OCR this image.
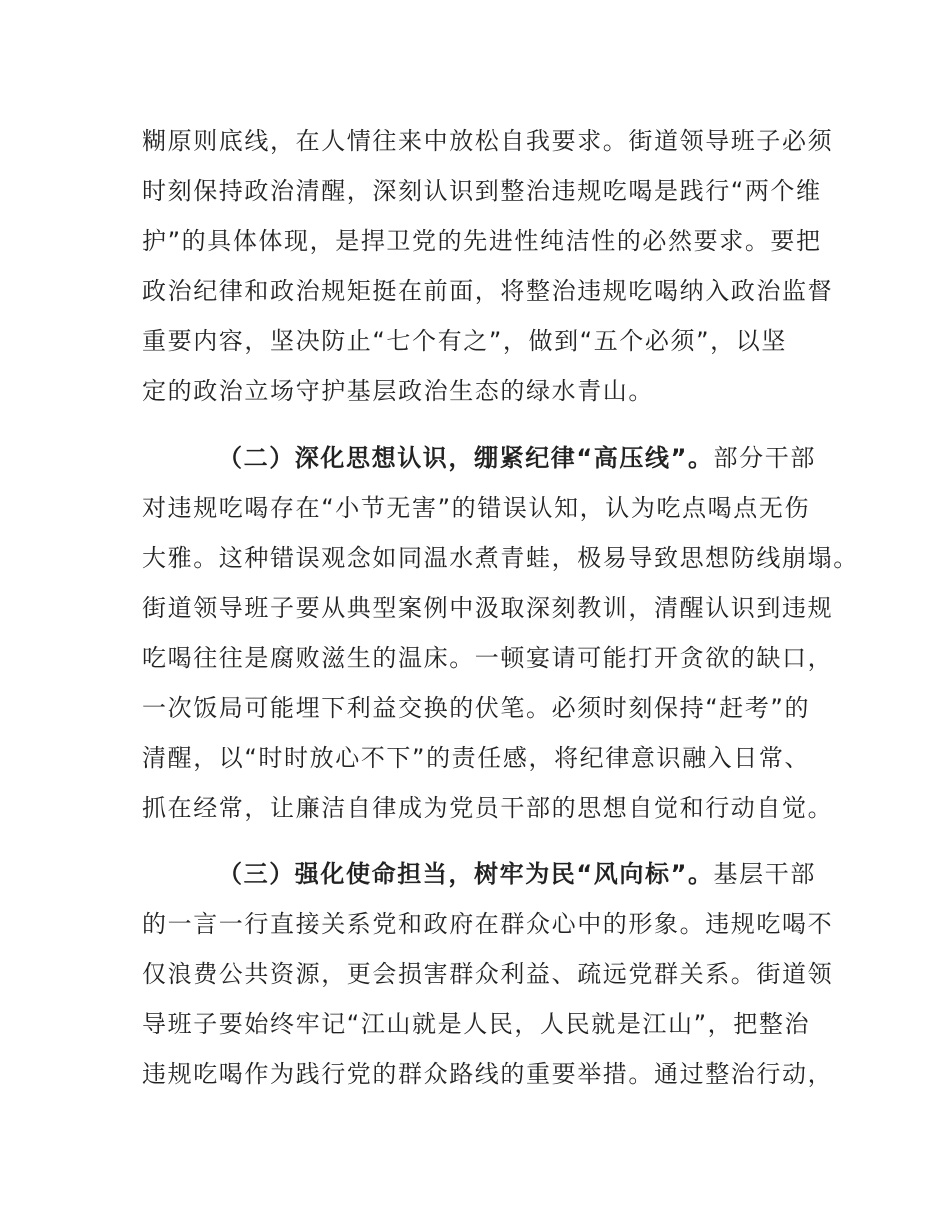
糊原则底线，在人情往来中放松自我要求。街道领导班子必须

时刻保持政治清醒，深刻认识到整治违规吃喝是践行“两个维

护”的具体体现，是捍卫党的先进性纯洁性的必然要求。要把

政治纪律和政治规矩挺在前面，将整治违规吃喝纳入政治监督

重要内容，坚决防止“七个有之”，做到“五个必须”，以坚

定的政治立场守护基层政治生态的绿水青山。

（二）深化思想认识，绷紧纪律“高压线”。部分干部

对违规吃喝存在“小节无害”的错误认知，认为吃点喝点无伤

大雅。这种错误观念如同温水煮青蛙，极易导致思想防线崩塌。

街道领导班子要从典型案例中汲取深刻教训，清醒认识到违规

吃喝往往是腐败滋生的温床。一顿宴请可能打开贪欲的缺口，

一次饭局可能埋下利益交换的伏笔。必须时刻保持“赶考”的

清醒，以“时时放心不下”的责任感，将纪律意识融入日常、

抓在经常，让廉洁自律成为党员干部的思想自觉和行动自觉。

（三）强化使命担当，树牢为民“风向标”。基层干部

的一言一行直接关系党和政府在群众心中的形象。违规吃喝不

仅浪费公共资源，更会损害群众利益、疏远党群关系。街道领

导班子要始终牢记“江山就是人民，人民就是江山”，把整治

违规吃喝作为践行党的群众路线的重要举措。通过整治行动，
